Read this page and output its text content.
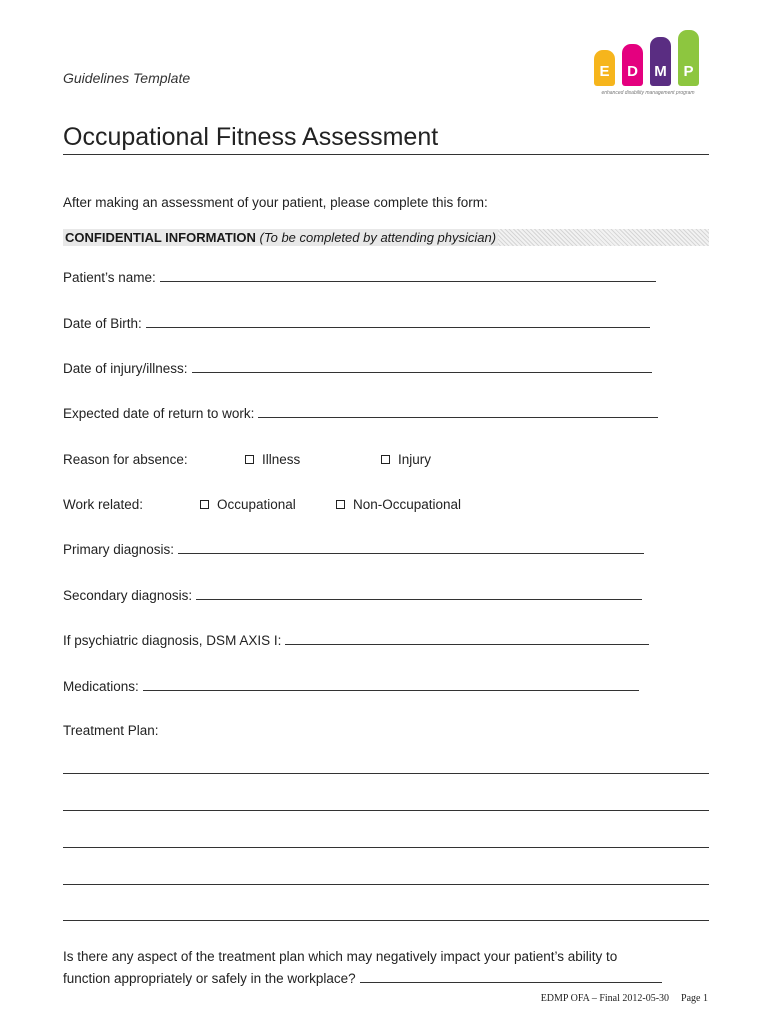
Guidelines Template	E	D	M	P
enhanced disability management program
Occupational Fitness Assessment
After making an assessment of your patient, please complete this form:
CONFIDENTIAL INFORMATION (To be completed by attending physician)
Patient’s name:
Date of Birth:
Date of injury/illness:
Expected date of return to work:
Reason for absence:	Illness	Injury
Work related:	Occupational	Non-Occupational
Primary diagnosis:
Secondary diagnosis:
If psychiatric diagnosis, DSM AXIS I:
Medications:
Treatment Plan:
Is there any aspect of the treatment plan which may negatively impact your patient’s ability to
function appropriately or safely in the workplace?
EDMP OFA – Final 2012-05-30 Page 1
